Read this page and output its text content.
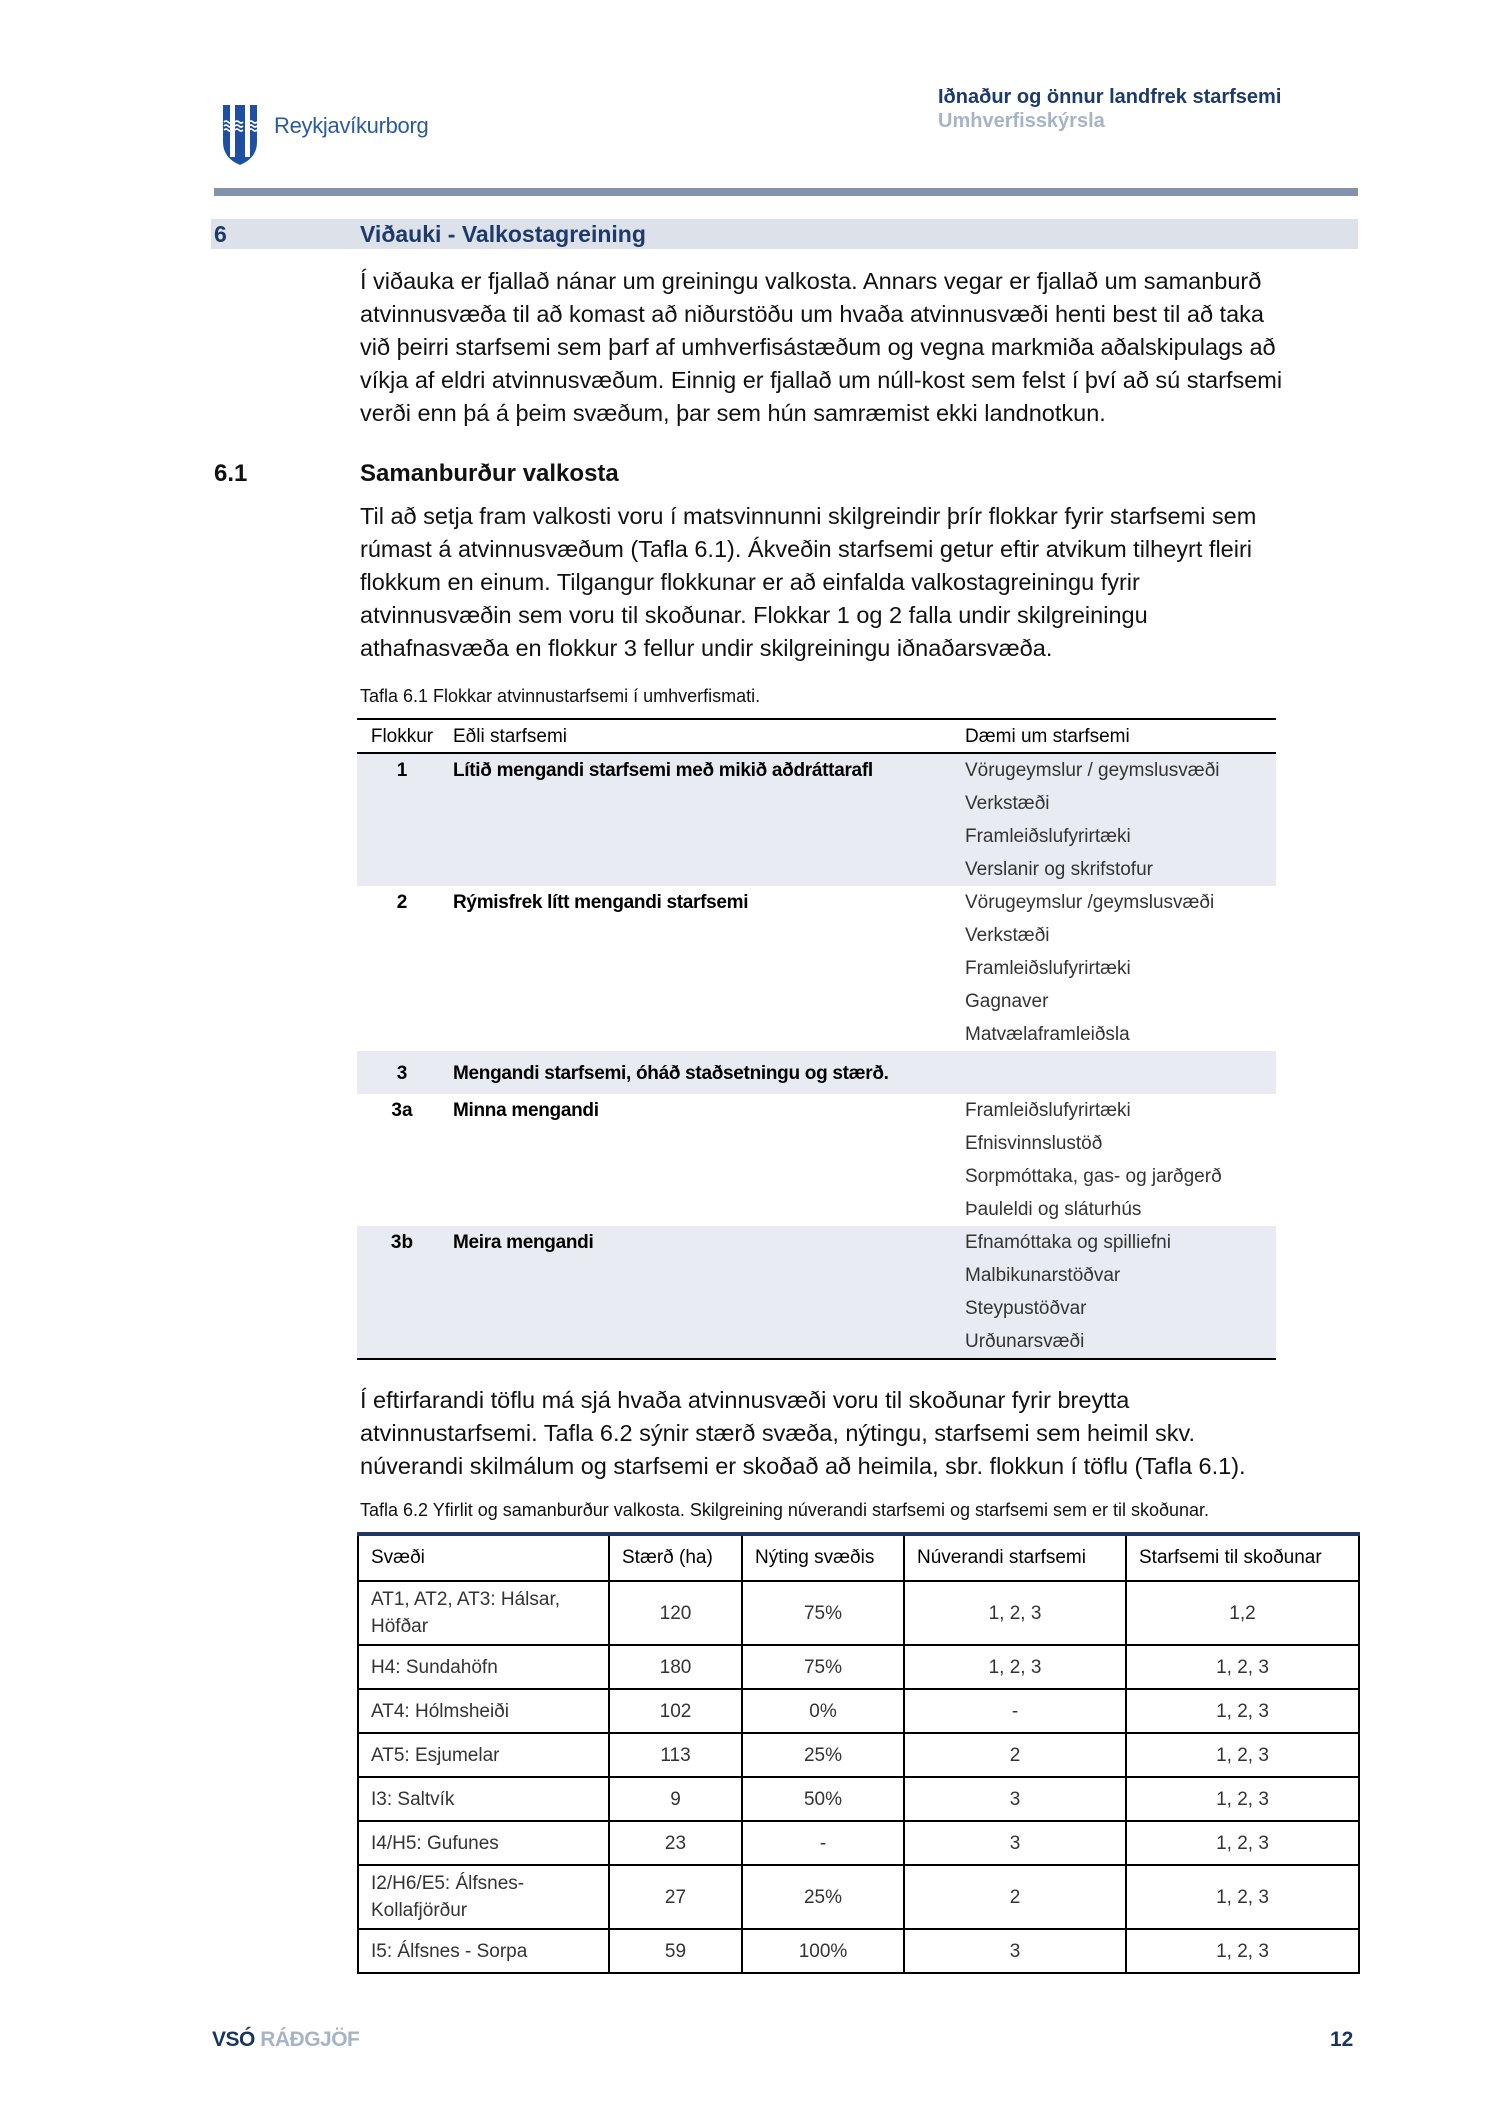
Reykjavíkurborg
Iðnaður og önnur landfrek starfsemi
Umhverfisskýrsla
6	Viðauki - Valkostagreining

Í viðauka er fjallað nánar um greiningu valkosta. Annars vegar er fjallað um samanburð

atvinnusvæða til að komast að niðurstöðu um hvaða atvinnusvæði henti best til að taka

við þeirri starfsemi sem þarf af umhverfisástæðum og vegna markmiða aðalskipulags að

víkja af eldri atvinnusvæðum. Einnig er fjallað um núll-kost sem felst í því að sú starfsemi

verði enn þá á þeim svæðum, þar sem hún samræmist ekki landnotkun.

6.1	Samanburður valkosta

Til að setja fram valkosti voru í matsvinnunni skilgreindir þrír flokkar fyrir starfsemi sem

rúmast á atvinnusvæðum (Tafla 6.1). Ákveðin starfsemi getur eftir atvikum tilheyrt fleiri

flokkum en einum. Tilgangur flokkunar er að einfalda valkostagreiningu fyrir

atvinnusvæðin sem voru til skoðunar. Flokkar 1 og 2 falla undir skilgreiningu

athafnasvæða en flokkur 3 fellur undir skilgreiningu iðnaðarsvæða.

Tafla 6.1 Flokkar atvinnustarfsemi í umhverfismati.
Flokkur	Eðli starfsemi	Dæmi um starfsemi
1	Lítið mengandi starfsemi með mikið aðdráttarafl	Vörugeymslur / geymslusvæði
Verkstæði
Framleiðslufyrirtæki
Verslanir og skrifstofur

2	Rýmisfrek lítt mengandi starfsemi	Vörugeymslur /geymslusvæði
Verkstæði
Framleiðslufyrirtæki
Gagnaver
Matvælaframleiðsla

3	Mengandi starfsemi, óháð staðsetningu og stærð.	
3a	Minna mengandi	Framleiðslufyrirtæki
Efnisvinnslustöð
Sorpmóttaka, gas- og jarðgerð
Þauleldi og sláturhús

3b	Meira mengandi	Efnamóttaka og spilliefni
Malbikunarstöðvar
Steypustöðvar
Urðunarsvæði

Í eftirfarandi töflu má sjá hvaða atvinnusvæði voru til skoðunar fyrir breytta

atvinnustarfsemi. Tafla 6.2 sýnir stærð svæða, nýtingu, starfsemi sem heimil skv.

núverandi skilmálum og starfsemi er skoðað að heimila, sbr. flokkun í töflu (Tafla 6.1).

Tafla 6.2 Yfirlit og samanburður valkosta. Skilgreining núverandi starfsemi og starfsemi sem er til skoðunar.
Svæði	Stærð (ha)	Nýting svæðis	Núverandi starfsemi	Starfsemi til skoðunar
AT1, AT2, AT3: Hálsar, Höfðar	120	75%	1, 2, 3	1,2
H4: Sundahöfn	180	75%	1, 2, 3	1, 2, 3
AT4: Hólmsheiði	102	0%	-	1, 2, 3
AT5: Esjumelar	113	25%	2	1, 2, 3
I3: Saltvík	9	50%	3	1, 2, 3
I4/H5: Gufunes	23	-	3	1, 2, 3
I2/H6/E5: Álfsnes-Kollafjörður	27	25%	2	1, 2, 3
I5: Álfsnes - Sorpa	59	100%	3	1, 2, 3
VSÓ RÁÐGJÖF	12
